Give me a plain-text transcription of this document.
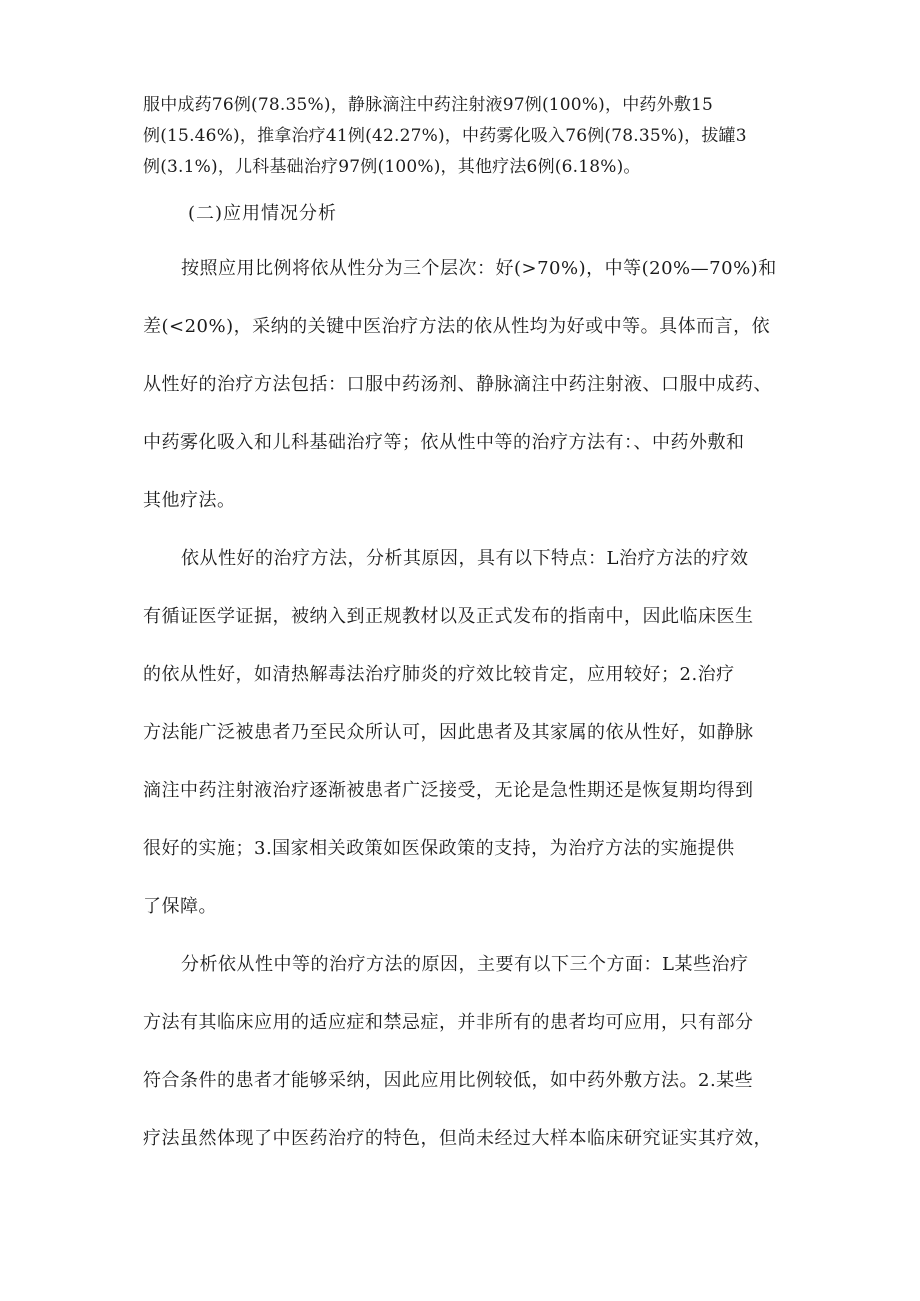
服中成药76例(78.35%)，静脉滴注中药注射液97例(100%)，中药外敷15
例(15.46%)，推拿治疗41例(42.27%)，中药雾化吸入76例(78.35%)，拔罐3
例(3.1%)，儿科基础治疗97例(100%)，其他疗法6例(6.18%)。
(二)应用情况分析
按照应用比例将依从性分为三个层次：好(>70%)，中等(20%—70%)和
差(<20%)，采纳的关键中医治疗方法的依从性均为好或中等。具体而言，依
从性好的治疗方法包括：口服中药汤剂、静脉滴注中药注射液、口服中成药、
中药雾化吸入和儿科基础治疗等；依从性中等的治疗方法有：、中药外敷和
其他疗法。
依从性好的治疗方法，分析其原因，具有以下特点：L治疗方法的疗效
有循证医学证据，被纳入到正规教材以及正式发布的指南中，因此临床医生
的依从性好，如清热解毒法治疗肺炎的疗效比较肯定，应用较好；2.治疗
方法能广泛被患者乃至民众所认可，因此患者及其家属的依从性好，如静脉
滴注中药注射液治疗逐渐被患者广泛接受，无论是急性期还是恢复期均得到
很好的实施；3.国家相关政策如医保政策的支持，为治疗方法的实施提供
了保障。
分析依从性中等的治疗方法的原因，主要有以下三个方面：L某些治疗
方法有其临床应用的适应症和禁忌症，并非所有的患者均可应用，只有部分
符合条件的患者才能够采纳，因此应用比例较低，如中药外敷方法。2.某些
疗法虽然体现了中医药治疗的特色，但尚未经过大样本临床研究证实其疗效，
